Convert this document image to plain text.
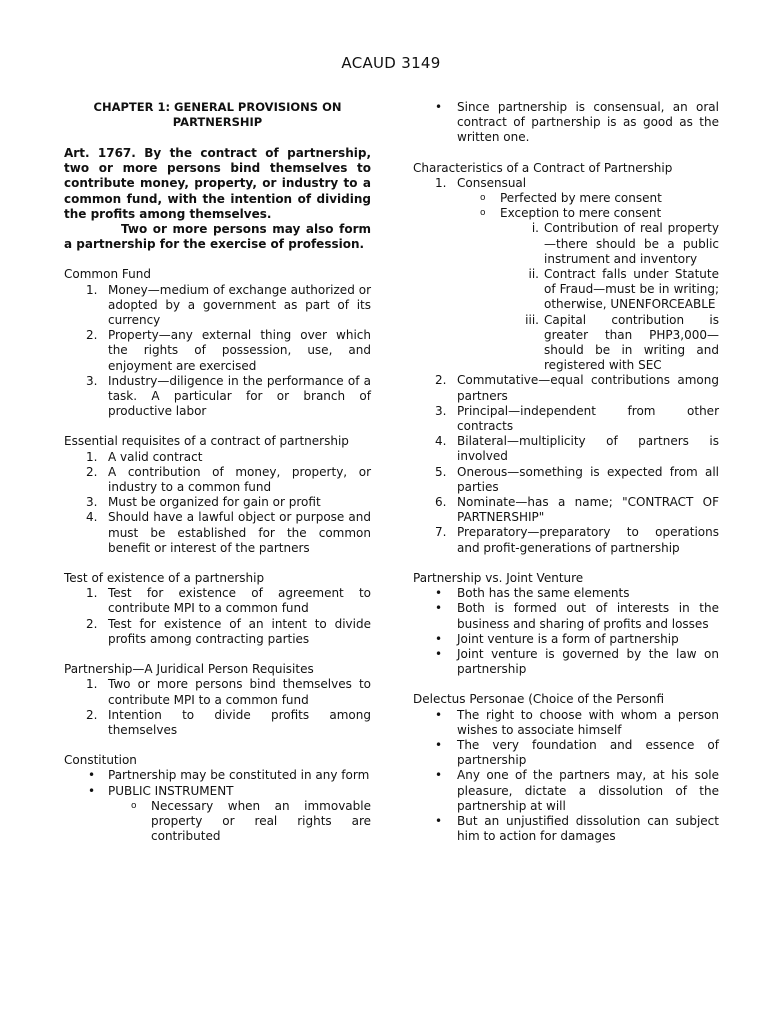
ACAUD 3149

CHAPTER 1: GENERAL PROVISIONS ON PARTNERSHIP

Art. 1767. By the contract of partnership, two or more persons bind themselves to contribute money, property, or industry to a common fund, with the intention of dividing the profits among themselves.

Two or more persons may also form a partnership for the exercise of profession.

Common Fund

1. Money—medium of exchange authorized or adopted by a government as part of its currency
2. Property—any external thing over which the rights of possession, use, and enjoyment are exercised
3. Industry—diligence in the performance of a task. A particular for or branch of productive labor

Essential requisites of a contract of partnership

1. A valid contract
2. A contribution of money, property, or industry to a common fund
3. Must be organized for gain or profit
4. Should have a lawful object or purpose and must be established for the common benefit or interest of the partners

Test of existence of a partnership

1. Test for existence of agreement to contribute MPI to a common fund
2. Test for existence of an intent to divide profits among contracting parties

Partnership—A Juridical Person Requisites

1. Two or more persons bind themselves to contribute MPI to a common fund
2. Intention to divide profits among themselves

Constitution

• Partnership may be constituted in any form
• PUBLIC INSTRUMENT
o Necessary when an immovable property or real rights are contributed
• Since partnership is consensual, an oral contract of partnership is as good as the written one.

Characteristics of a Contract of Partnership

1. Consensual
o Perfected by mere consent
o Exception to mere consent
i. Contribution of real property —there should be a public instrument and inventory
ii. Contract falls under Statute of Fraud—must be in writing; otherwise, UNENFORCEABLE
iii. Capital contribution is greater than PHP3,000— should be in writing and registered with SEC
2. Commutative—equal contributions among partners
3. Principal—independent from other contracts
4. Bilateral—multiplicity of partners is involved
5. Onerous—something is expected from all parties
6. Nominate—has a name; "CONTRACT OF PARTNERSHIP"
7. Preparatory—preparatory to operations and profit-generations of partnership

Partnership vs. Joint Venture

• Both has the same elements
• Both is formed out of interests in the business and sharing of profits and losses
• Joint venture is a form of partnership
• Joint venture is governed by the law on partnership

Delectus Personae (Choice of the Personfi

• The right to choose with whom a person wishes to associate himself
• The very foundation and essence of partnership
• Any one of the partners may, at his sole pleasure, dictate a dissolution of the partnership at will
• But an unjustified dissolution can subject him to action for damages
